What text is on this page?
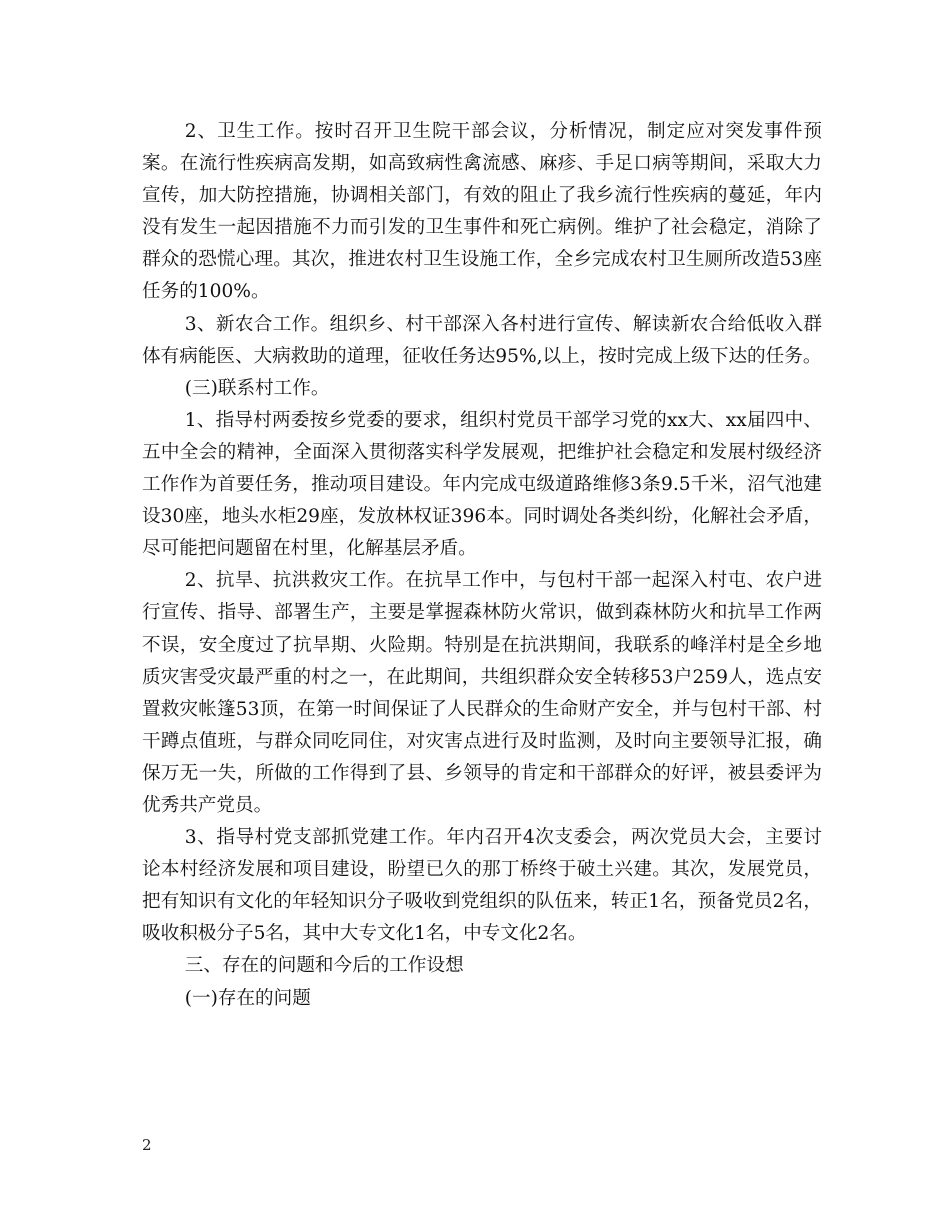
2、卫生工作。按时召开卫生院干部会议，分析情况，制定应对突发事件预案。在流行性疾病高发期，如高致病性禽流感、麻疹、手足口病等期间，采取大力宣传，加大防控措施，协调相关部门，有效的阻止了我乡流行性疾病的蔓延，年内没有发生一起因措施不力而引发的卫生事件和死亡病例。维护了社会稳定，消除了群众的恐慌心理。其次，推进农村卫生设施工作，全乡完成农村卫生厕所改造53座任务的100%。

3、新农合工作。组织乡、村干部深入各村进行宣传、解读新农合给低收入群体有病能医、大病救助的道理，征收任务达95%,以上，按时完成上级下达的任务。

(三)联系村工作。

1、指导村两委按乡党委的要求，组织村党员干部学习党的xx大、xx届四中、五中全会的精神，全面深入贯彻落实科学发展观，把维护社会稳定和发展村级经济工作作为首要任务，推动项目建设。年内完成屯级道路维修3条9.5千米，沼气池建设30座，地头水柜29座，发放林权证396本。同时调处各类纠纷，化解社会矛盾，尽可能把问题留在村里，化解基层矛盾。

2、抗旱、抗洪救灾工作。在抗旱工作中，与包村干部一起深入村屯、农户进行宣传、指导、部署生产，主要是掌握森林防火常识，做到森林防火和抗旱工作两不误，安全度过了抗旱期、火险期。特别是在抗洪期间，我联系的峰洋村是全乡地质灾害受灾最严重的村之一，在此期间，共组织群众安全转移53户259人，选点安置救灾帐篷53顶，在第一时间保证了人民群众的生命财产安全，并与包村干部、村干蹲点值班，与群众同吃同住，对灾害点进行及时监测，及时向主要领导汇报，确保万无一失，所做的工作得到了县、乡领导的肯定和干部群众的好评，被县委评为优秀共产党员。

3、指导村党支部抓党建工作。年内召开4次支委会，两次党员大会，主要讨论本村经济发展和项目建设，盼望已久的那丁桥终于破土兴建。其次，发展党员，把有知识有文化的年轻知识分子吸收到党组织的队伍来，转正1名，预备党员2名，吸收积极分子5名，其中大专文化1名，中专文化2名。

三、存在的问题和今后的工作设想

(一)存在的问题

2
